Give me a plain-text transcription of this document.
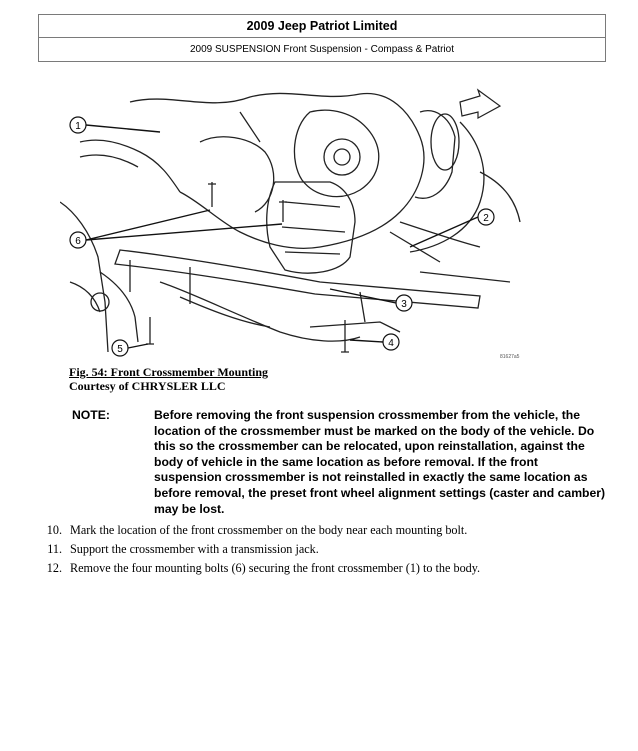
2009 Jeep Patriot Limited
2009 SUSPENSION Front Suspension - Compass & Patriot
1
2
3
4
5
6
81627a5
Fig. 54: Front Crossmember Mounting
Courtesy of CHRYSLER LLC
NOTE:	Before removing the front suspension crossmember from the vehicle, the location of the crossmember must be marked on the body of the vehicle. Do this so the crossmember can be relocated, upon reinstallation, against the body of vehicle in the same location as before removal. If the front suspension crossmember is not reinstalled in exactly the same location as before removal, the preset front wheel alignment settings (caster and camber) may be lost.
10. Mark the location of the front crossmember on the body near each mounting bolt.
11. Support the crossmember with a transmission jack.
12. Remove the four mounting bolts (6) securing the front crossmember (1) to the body.
